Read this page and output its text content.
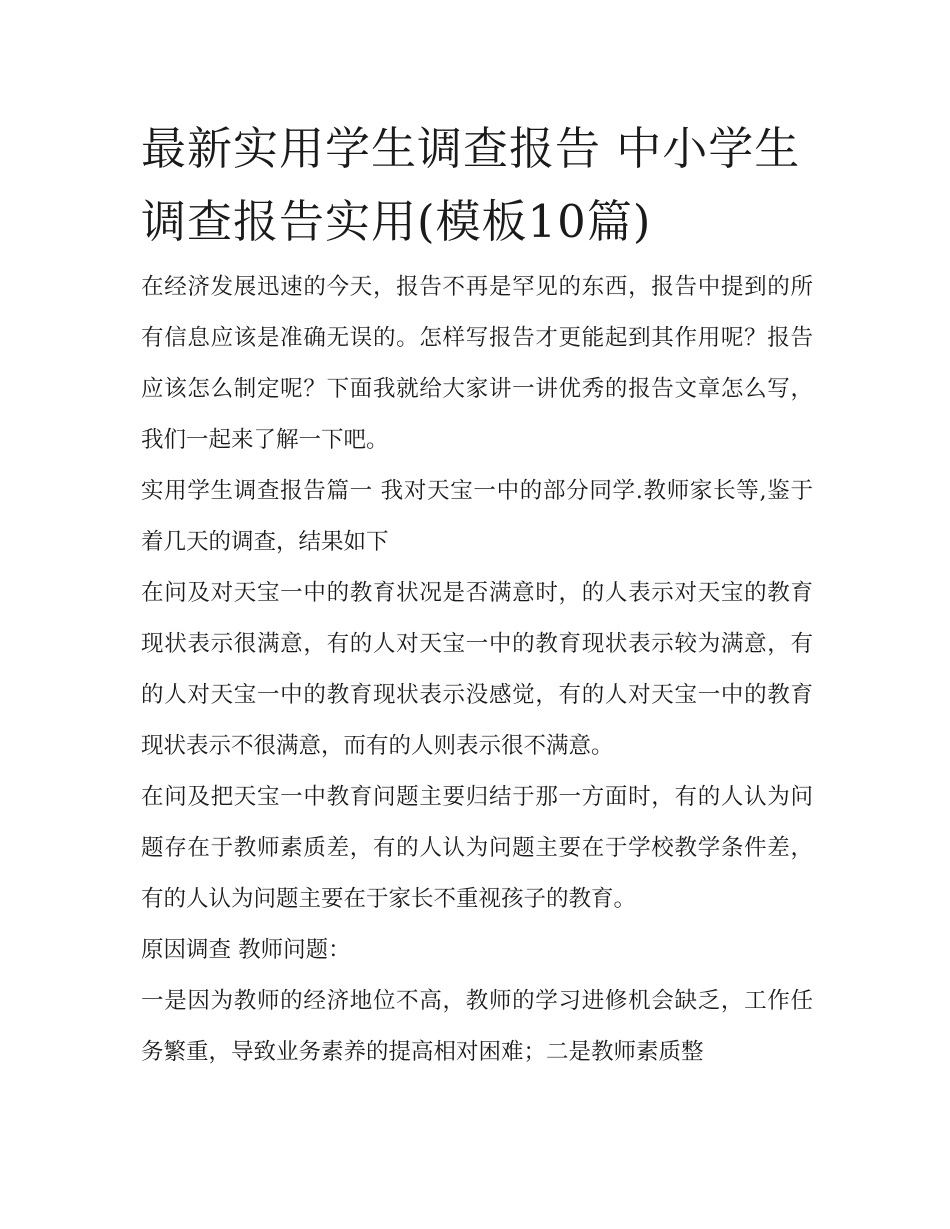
最新实用学生调查报告 中小学生调查报告实用(模板10篇)

在经济发展迅速的今天，报告不再是罕见的东西，报告中提到的所有信息应该是准确无误的。怎样写报告才更能起到其作用呢？报告应该怎么制定呢？下面我就给大家讲一讲优秀的报告文章怎么写，我们一起来了解一下吧。

实用学生调查报告篇一 我对天宝一中的部分同学.教师家长等,鉴于着几天的调查，结果如下

在问及对天宝一中的教育状况是否满意时，的人表示对天宝的教育现状表示很满意，有的人对天宝一中的教育现状表示较为满意，有的人对天宝一中的教育现状表示没感觉，有的人对天宝一中的教育现状表示不很满意，而有的人则表示很不满意。

在问及把天宝一中教育问题主要归结于那一方面时，有的人认为问题存在于教师素质差，有的人认为问题主要在于学校教学条件差，有的人认为问题主要在于家长不重视孩子的教育。

原因调查 教师问题：

一是因为教师的经济地位不高，教师的学习进修机会缺乏，工作任务繁重，导致业务素养的提高相对困难；二是教师素质整
